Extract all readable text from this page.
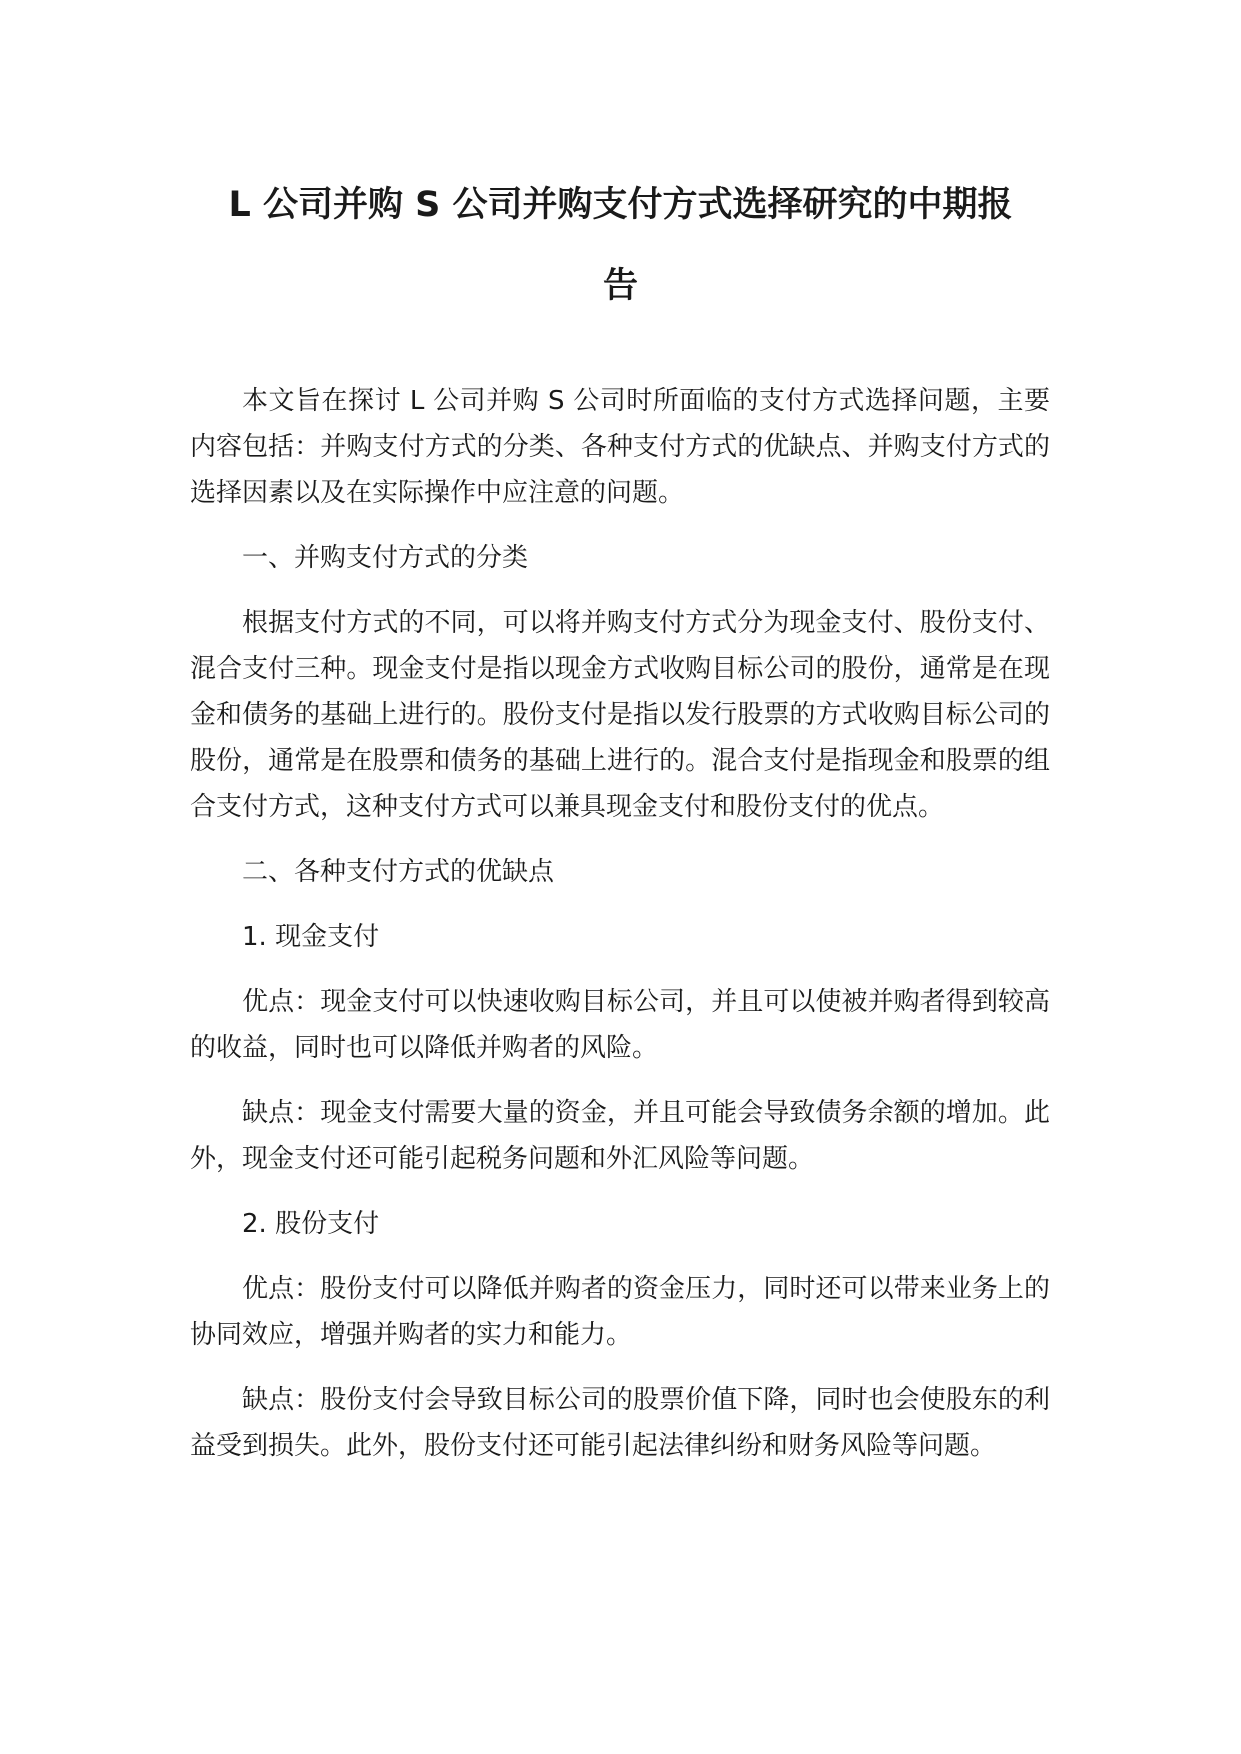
L 公司并购 S 公司并购支付方式选择研究的中期报
告

本文旨在探讨 L 公司并购 S 公司时所面临的支付方式选择问题，主要内容包括：并购支付方式的分类、各种支付方式的优缺点、并购支付方式的选择因素以及在实际操作中应注意的问题。

一、并购支付方式的分类

根据支付方式的不同，可以将并购支付方式分为现金支付、股份支付、混合支付三种。现金支付是指以现金方式收购目标公司的股份，通常是在现金和债务的基础上进行的。股份支付是指以发行股票的方式收购目标公司的股份，通常是在股票和债务的基础上进行的。混合支付是指现金和股票的组合支付方式，这种支付方式可以兼具现金支付和股份支付的优点。

二、各种支付方式的优缺点

1. 现金支付

优点：现金支付可以快速收购目标公司，并且可以使被并购者得到较高的收益，同时也可以降低并购者的风险。

缺点：现金支付需要大量的资金，并且可能会导致债务余额的增加。此外，现金支付还可能引起税务问题和外汇风险等问题。

2. 股份支付

优点：股份支付可以降低并购者的资金压力，同时还可以带来业务上的协同效应，增强并购者的实力和能力。

缺点：股份支付会导致目标公司的股票价值下降，同时也会使股东的利益受到损失。此外，股份支付还可能引起法律纠纷和财务风险等问题。
